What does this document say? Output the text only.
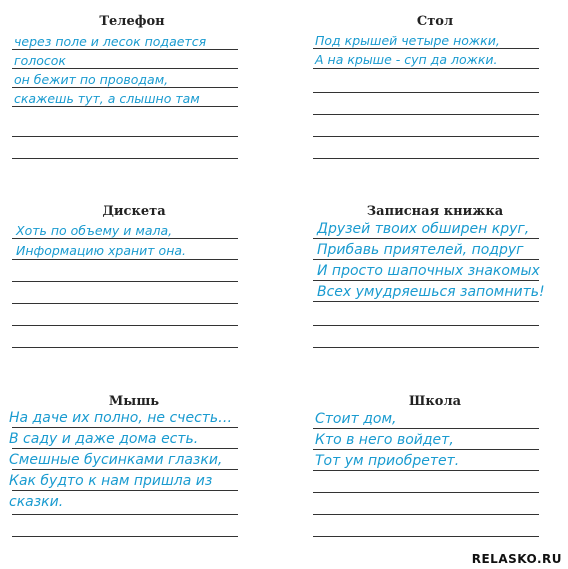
Телефон
через поле и лесок подается
голосок
он бежит по проводам,
скажешь тут, а слышно там
Стол
Под крышей четыре ножки,
А на крыше - суп да ложки.
Дискета
Хоть по объему и мала,
Информацию хранит она.
Записная книжка
Друзей твоих обширен круг,
Прибавь приятелей, подруг
И просто шапочных знакомых
Всех умудряешься запомнить!
Мышь
На даче их полно, не счесть…
В саду и даже дома есть.
Смешные бусинками глазки,
Как будто к нам пришла из
сказки.
Школа
Стоит дом,
Кто в него войдет,
Тот ум приобретет.
RELASKO.RU
